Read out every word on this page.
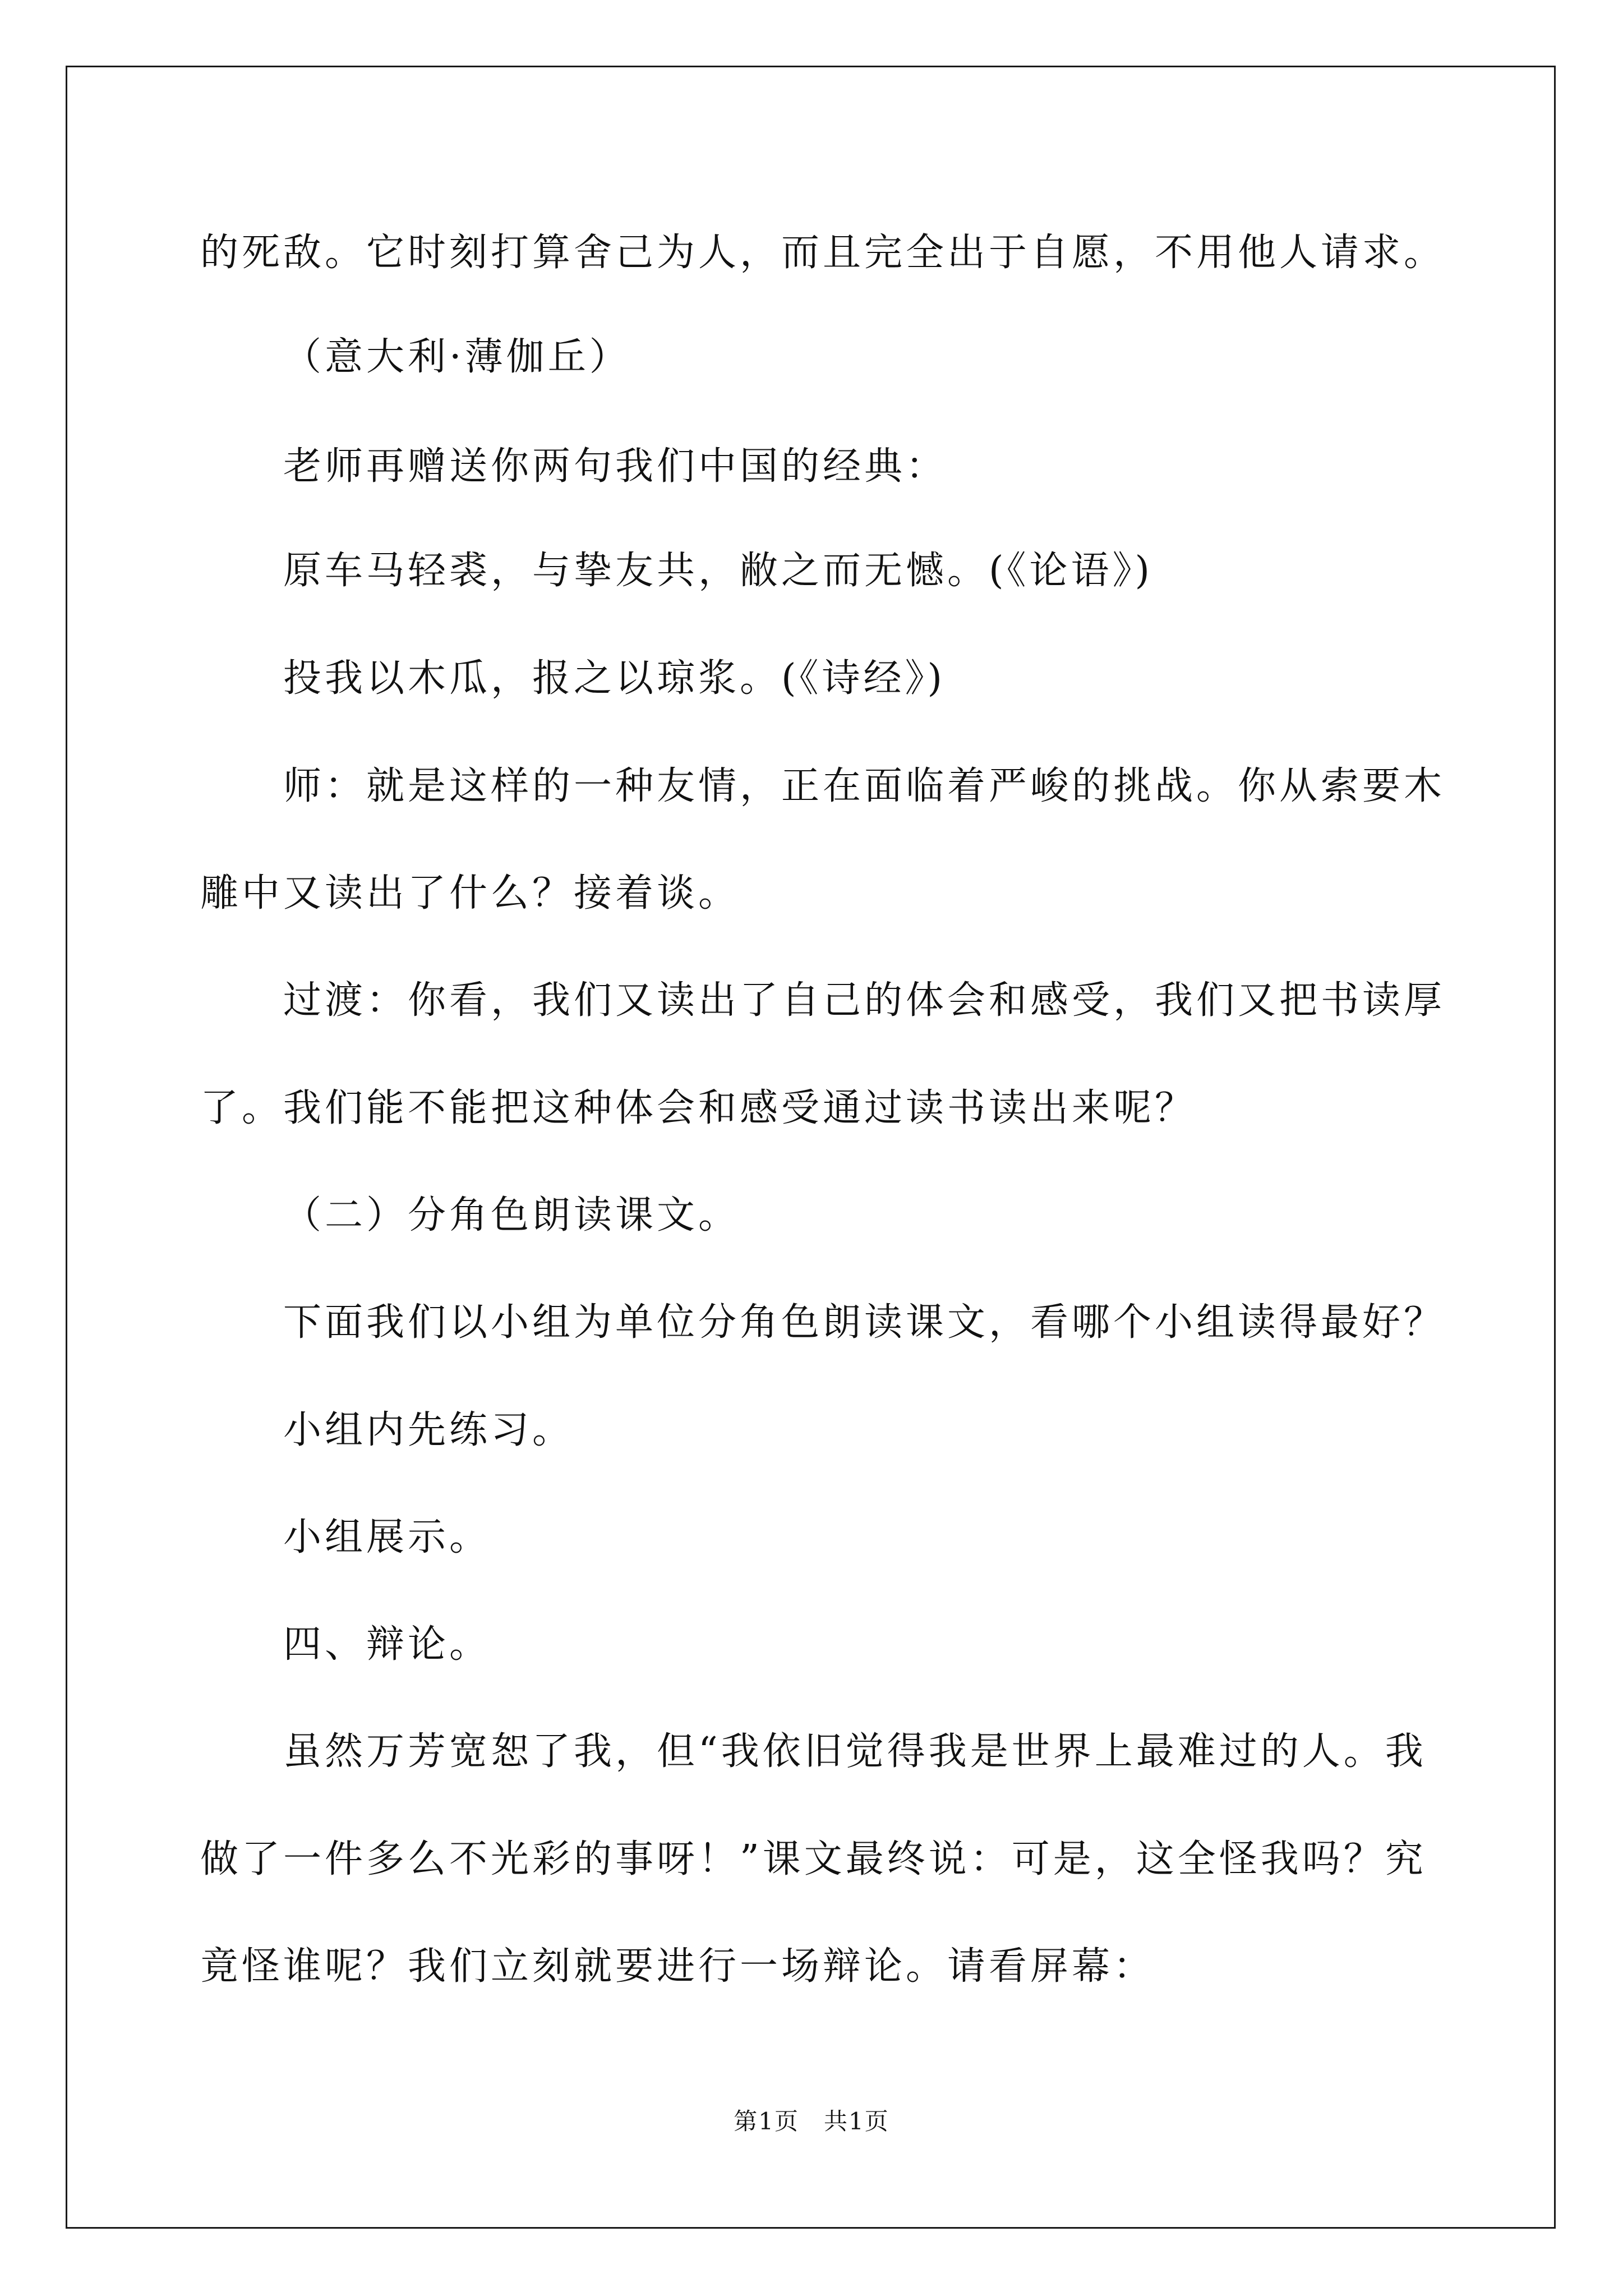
的死敌。它时刻打算舍己为人，而且完全出于自愿，不用他人请求。
（意大利·薄伽丘）
老师再赠送你两句我们中国的经典：
原车马轻裘，与挚友共，敝之而无憾。(《论语》)
投我以木瓜，报之以琼浆。(《诗经》)
师：就是这样的一种友情，正在面临着严峻的挑战。你从索要木
雕中又读出了什么？接着谈。
过渡：你看，我们又读出了自己的体会和感受，我们又把书读厚
了。我们能不能把这种体会和感受通过读书读出来呢？
（二）分角色朗读课文。
下面我们以小组为单位分角色朗读课文，看哪个小组读得最好？
小组内先练习。
小组展示。
四、辩论。
虽然万芳宽恕了我，但“我依旧觉得我是世界上最难过的人。我
做了一件多么不光彩的事呀！”课文最终说：可是，这全怪我吗？究
竟怪谁呢？我们立刻就要进行一场辩论。请看屏幕：
第1页　共1页
